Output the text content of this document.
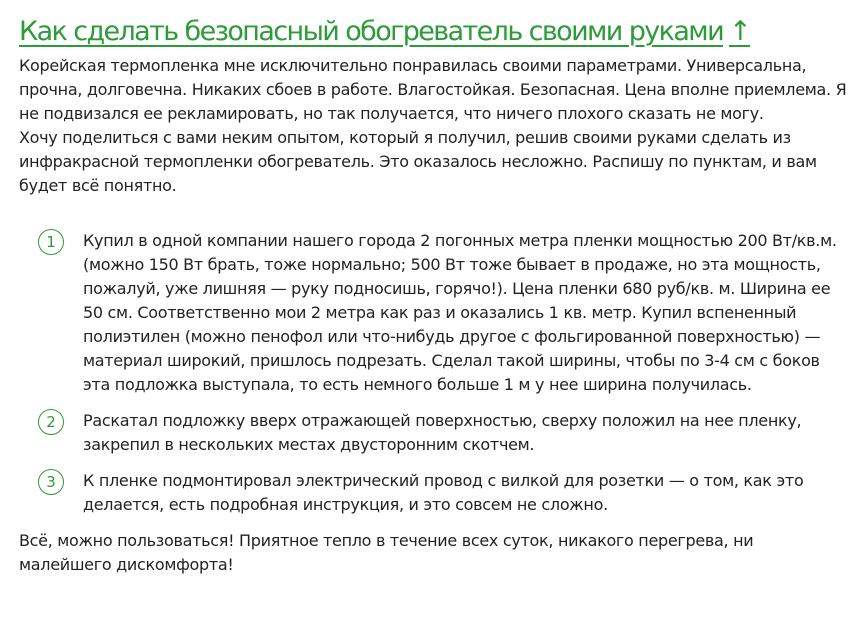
Как сделать безопасный обогреватель своими руками ↑

Корейская термопленка мне исключительно понравилась своими параметрами. Универсальна, прочна, долговечна. Никаких сбоев в работе. Влагостойкая. Безопасная. Цена вполне приемлема. Я не подвизался ее рекламировать, но так получается, что ничего плохого сказать не могу.

Хочу поделиться с вами неким опытом, который я получил, решив своими руками сделать из инфракрасной термопленки обогреватель. Это оказалось несложно. Распишу по пунктам, и вам будет всё понятно.

1	Купил в одной компании нашего города 2 погонных метра пленки мощностью 200 Вт/кв.м. (можно 150 Вт брать, тоже нормально; 500 Вт тоже бывает в продаже, но эта мощность, пожалуй, уже лишняя — руку подносишь, горячо!). Цена пленки 680 руб/кв. м. Ширина ее 50 см. Соответственно мои 2 метра как раз и оказались 1 кв. метр. Купил вспененный полиэтилен (можно пенофол или что-нибудь другое с фольгированной поверхностью) — материал широкий, пришлось подрезать. Сделал такой ширины, чтобы по 3-4 см с боков эта подложка выступала, то есть немного больше 1 м у нее ширина получилась.
2	Раскатал подложку вверх отражающей поверхностью, сверху положил на нее пленку, закрепил в нескольких местах двусторонним скотчем.
3	К пленке подмонтировал электрический провод с вилкой для розетки — о том, как это делается, есть подробная инструкция, и это совсем не сложно.

Всё, можно пользоваться! Приятное тепло в течение всех суток, никакого перегрева, ни малейшего дискомфорта!
